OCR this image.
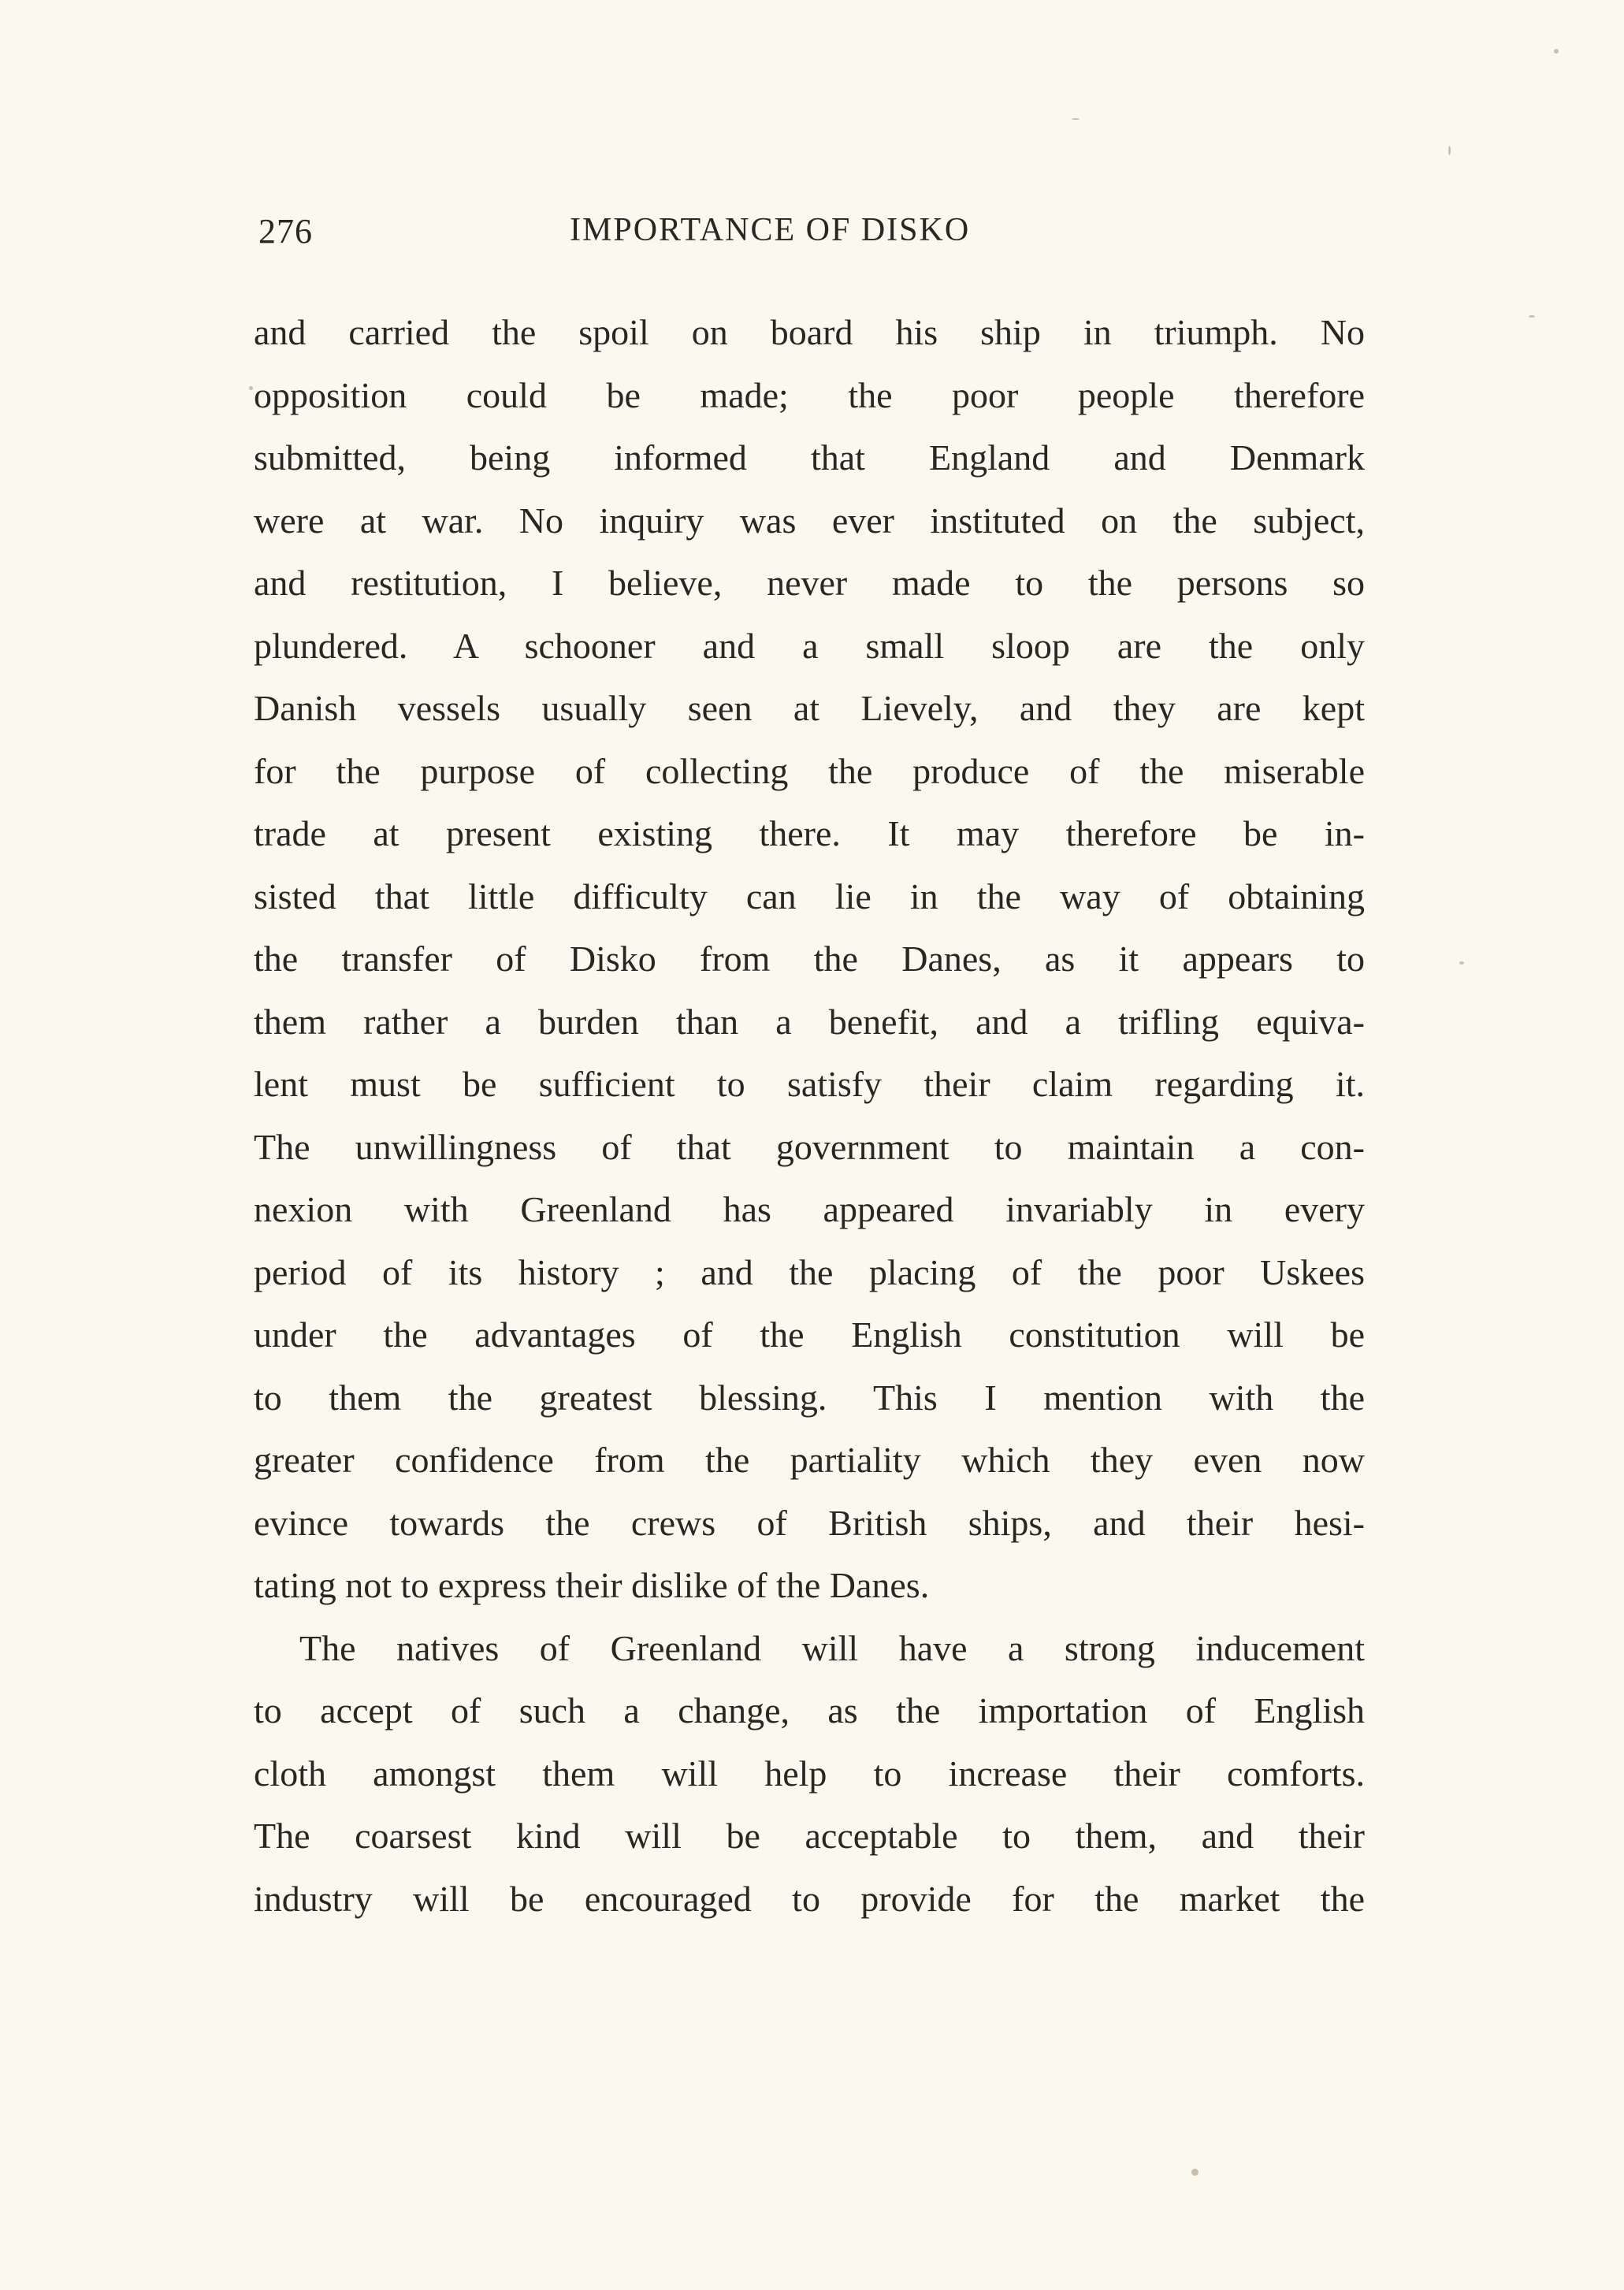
276	IMPORTANCE OF DISKO
and carried the spoil on board his ship in triumph. No
opposition could be made; the poor people therefore
submitted, being informed that England and Denmark
were at war. No inquiry was ever instituted on the subject,
and restitution, I believe, never made to the persons so
plundered. A schooner and a small sloop are the only
Danish vessels usually seen at Lievely, and they are kept
for the purpose of collecting the produce of the miserable
trade at present existing there. It may therefore be in-
sisted that little difficulty can lie in the way of obtaining
the transfer of Disko from the Danes, as it appears to
them rather a burden than a benefit, and a trifling equiva-
lent must be sufficient to satisfy their claim regarding it.
The unwillingness of that government to maintain a con-
nexion with Greenland has appeared invariably in every
period of its history ; and the placing of the poor Uskees
under the advantages of the English constitution will be
to them the greatest blessing. This I mention with the
greater confidence from the partiality which they even now
evince towards the crews of British ships, and their hesi-
tating not to express their dislike of the Danes.
The natives of Greenland will have a strong inducement
to accept of such a change, as the importation of English
cloth amongst them will help to increase their comforts.
The coarsest kind will be acceptable to them, and their
industry will be encouraged to provide for the market the
